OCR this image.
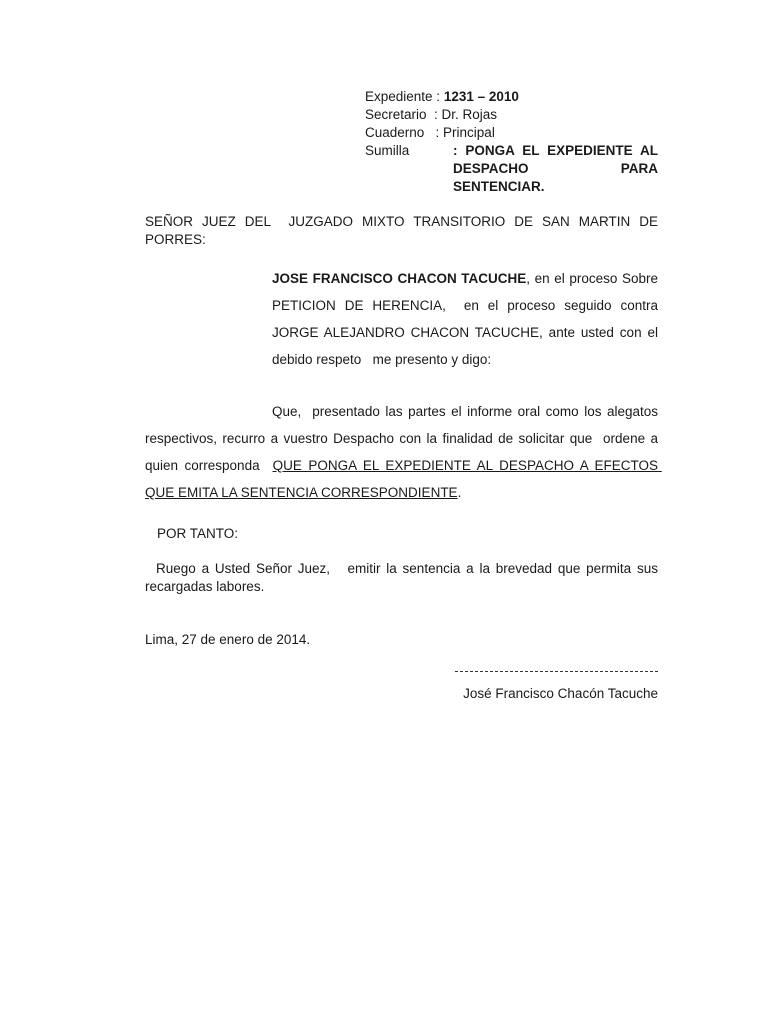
Expediente : 1231 – 2010
Secretario  : Dr. Rojas
Cuaderno   : Principal
Sumilla	: PONGA EL EXPEDIENTE AL DESPACHO PARA SENTENCIAR.
SEÑOR JUEZ DEL  JUZGADO MIXTO TRANSITORIO DE SAN MARTIN DE PORRES:
JOSE FRANCISCO CHACON TACUCHE, en el proceso Sobre PETICION DE HERENCIA,  en el proceso seguido contra JORGE ALEJANDRO CHACON TACUCHE, ante usted con el debido respeto   me presento y digo:
Que,  presentado las partes el informe oral como los alegatos respectivos, recurro a vuestro Despacho con la finalidad de solicitar que  ordene a quien corresponda  QUE PONGA EL EXPEDIENTE AL DESPACHO A EFECTOS QUE EMITA LA SENTENCIA CORRESPONDIENTE.
POR TANTO:
Ruego a Usted Señor Juez,   emitir la sentencia a la brevedad que permita sus recargadas labores.
Lima, 27 de enero de 2014.
José Francisco Chacón Tacuche
